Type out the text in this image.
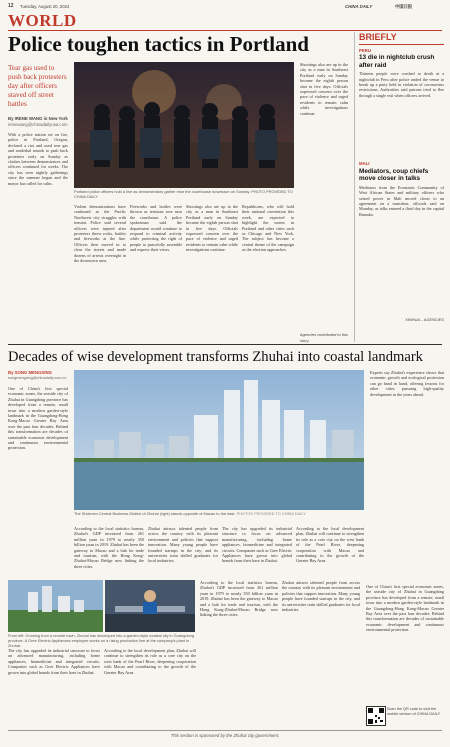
12 Tuesday, August 20, 2024	CHINA DAILY	中国日报
WORLD
Police toughen tactics in Portland
Tear gas used to push back protesters day after officers staved off street battles
By IRENE WANG in New York
irenewang@chinadailyusa.com
With a police station set on fire, police in Portland, Oregon, declared a riot and used tear gas and nonlethal rounds to push back protesters early on Sunday as clashes between demonstrators and officers continued for weeks. The city has seen nightly gatherings since the summer began and the mayor has called for calm.
Portland police officers hold a line as demonstrators gather near the courthouse downtown on Sunday. PHOTO PROVIDED TO CHINA DAILY
Violent demonstrations have continued as the Pacific Northwest city struggles with tension. Police said several officers were injured after protesters threw rocks, bottles and fireworks at the line. Officers then moved in to clear the streets and made dozens of arrests overnight in the downtown area.
Fireworks and bottles were thrown as tensions rose near the courthouse. A police spokesman said the department would continue to respond to criminal activity while protecting the right of people to peacefully assemble and express their views.
Shootings also are up in the city as a man in Southeast Portland early on Sunday became the eighth person shot in five days. Officials expressed concern over the pace of violence and urged residents to remain calm while investigations continue.
Republicans, who will hold their national convention this week, are expected to highlight the unrest in Portland and other cities such as Chicago and New York. The subject has become a central theme of the campaign as the election approaches.
Shootings also are up in the city as a man in Southeast Portland early on Sunday became the eighth person shot in five days. Officials expressed concern over the pace of violence and urged residents to remain calm while investigations continue.
Agencies contributed to this story.
BRIEFLY
PERU
13 die in nightclub crush after raid
Thirteen people were crushed to death at a nightclub in Peru after police raided the venue to break up a party held in violation of coronavirus restrictions. Authorities said patrons tried to flee through a single exit when officers arrived.
MALI
Mediators, coup chiefs move closer in talks
Mediators from the Economic Community of West African States and military officers who seized power in Mali moved closer to an agreement on a transition, officials said on Monday, as talks entered a third day in the capital Bamako.
XINHUA – AGENCIES
Decades of wise development transforms Zhuhai into coastal landmark
By SONG MENGXING
songmengxing@chinadaily.com.cn
One of China's first special economic zones, the seaside city of Zhuhai in Guangdong province has developed from a remote, small town into a modern garden-style landmark in the Guangdong-Hong Kong-Macao Greater Bay Area over the past four decades. Behind this transformation are decades of sustainable economic development and continuous environmental protection.
The Shizimen Central Business District of Zhuhai (right) stands opposite of Macao to the east. PHOTOS PROVIDED TO CHINA DAILY
Experts say Zhuhai's experience shows that economic growth and ecological protection can go hand in hand, offering lessons for other cities pursuing high-quality development in the years ahead.
From left: Growing from a remote town, Zhuhai has developed into a garden-style coastal city in Guangdong province. A Gree Electric Appliances employee works on a rising production line at the company's plant in Zhuhai.
According to the local statistics bureau, Zhuhai's GDP increased from 261 million yuan in 1979 to nearly 350 billion yuan in 2019. Zhuhai has been the gateway to Macao and a hub for trade and tourism, with the Hong Kong-Zhuhai-Macao Bridge now linking the three cities.
Zhuhai attracts talented people from across the country with its pleasant environment and policies that support innovation. Many young people have founded startups in the city, and its universities train skilled graduates for local industries.
The city has upgraded its industrial structure to focus on advanced manufacturing, including home appliances, biomedicine and integrated circuits. Companies such as Gree Electric Appliances have grown into global brands from their base in Zhuhai.
According to the local development plan, Zhuhai will continue to strengthen its role as a core city on the west bank of the Pearl River, deepening cooperation with Macao and contributing to the growth of the Greater Bay Area.
According to the local statistics bureau, Zhuhai's GDP increased from 261 million yuan in 1979 to nearly 350 billion yuan in 2019. Zhuhai has been the gateway to Macao and a hub for trade and tourism, with the Hong Kong-Zhuhai-Macao Bridge now linking the three cities.
Zhuhai attracts talented people from across the country with its pleasant environment and policies that support innovation. Many young people have founded startups in the city, and its universities train skilled graduates for local industries.
The city has upgraded its industrial structure to focus on advanced manufacturing, including home appliances, biomedicine and integrated circuits. Companies such as Gree Electric Appliances have grown into global brands from their base in Zhuhai.
According to the local development plan, Zhuhai will continue to strengthen its role as a core city on the west bank of the Pearl River, deepening cooperation with Macao and contributing to the growth of the Greater Bay Area.
One of China's first special economic zones, the seaside city of Zhuhai in Guangdong province has developed from a remote, small town into a modern garden-style landmark in the Guangdong-Hong Kong-Macao Greater Bay Area over the past four decades. Behind this transformation are decades of sustainable economic development and continuous environmental protection.
Scan the QR code to visit the mobile version of CHINA DAILY
This section is sponsored by the Zhuhai city government.
